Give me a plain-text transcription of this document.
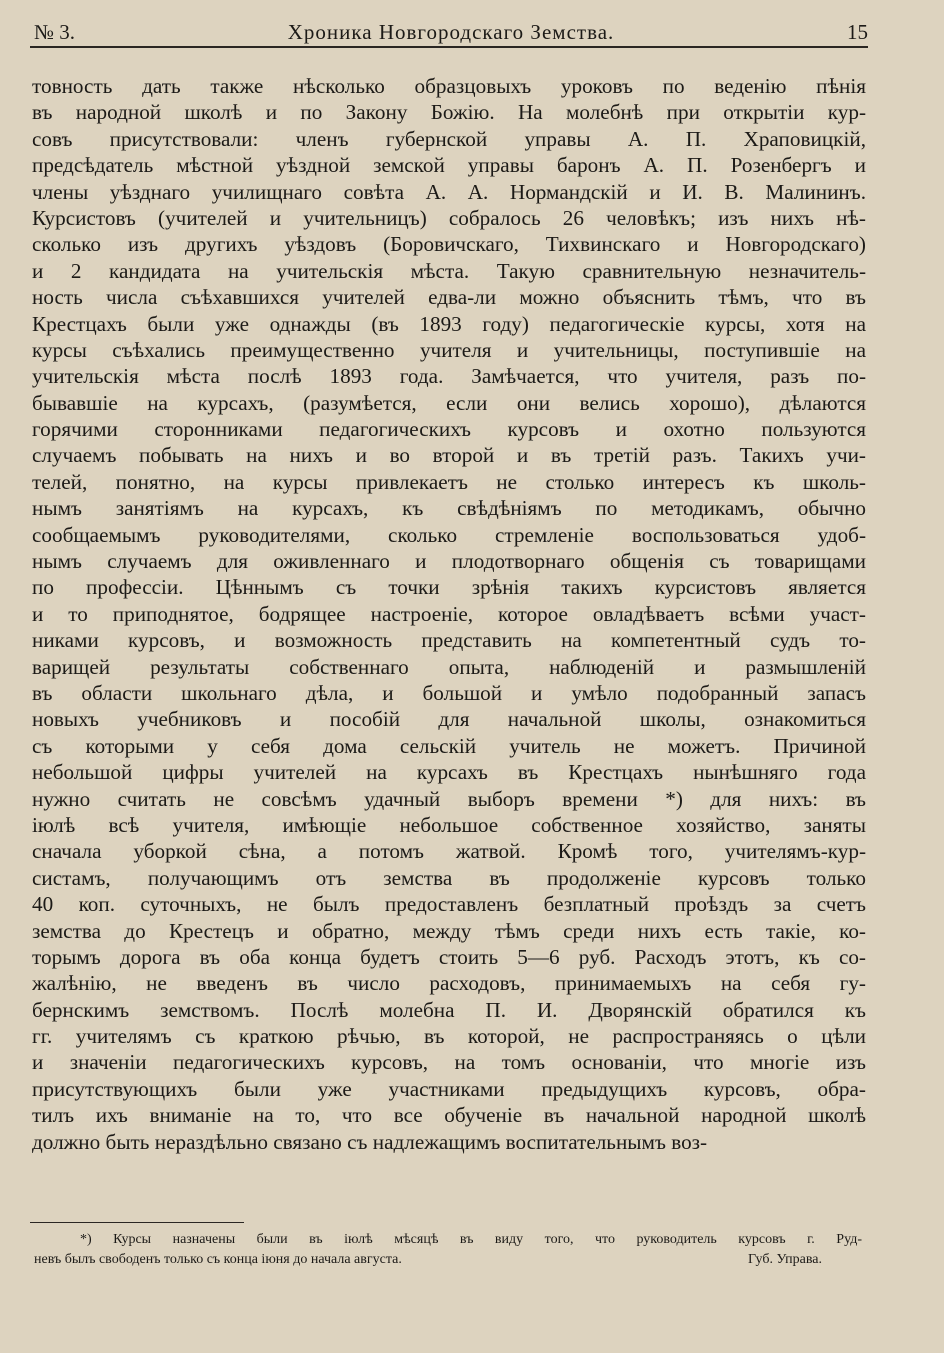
Хроника Новгородскаго Земства.
№ 3.	15
товность дать также нѣсколько образцовыхъ уроковъ по веденію пѣнія
въ народной школѣ и по Закону Божію. На молебнѣ при открытіи кур-
совъ присутствовали: членъ губернской управы А. П. Храповицкій,
предсѣдатель мѣстной уѣздной земской управы баронъ А. П. Розенбергъ и
члены уѣзднаго училищнаго совѣта А. А. Нормандскій и И. В. Малининъ.
Курсистовъ (учителей и учительницъ) собралось 26 человѣкъ; изъ нихъ нѣ-
сколько изъ другихъ уѣздовъ (Боровичскаго, Тихвинскаго и Новгородскаго)
и 2 кандидата на учительскія мѣста. Такую сравнительную незначитель-
ность числа съѣхавшихся учителей едва-ли можно объяснить тѣмъ, что въ
Крестцахъ были уже однажды (въ 1893 году) педагогическіе курсы, хотя на
курсы съѣхались преимущественно учителя и учительницы, поступившіе на
учительскія мѣста послѣ 1893 года. Замѣчается, что учителя, разъ по-
бывавшіе на курсахъ, (разумѣется, если они велись хорошо), дѣлаются
горячими сторонниками педагогическихъ курсовъ и охотно пользуются
случаемъ побывать на нихъ и во второй и въ третій разъ. Такихъ учи-
телей, понятно, на курсы привлекаетъ не столько интересъ къ школь-
нымъ занятіямъ на курсахъ, къ свѣдѣніямъ по методикамъ, обычно
сообщаемымъ руководителями, сколько стремленіе воспользоваться удоб-
нымъ случаемъ для оживленнаго и плодотворнаго общенія съ товарищами
по профессіи. Цѣннымъ съ точки зрѣнія такихъ курсистовъ является
и то приподнятое, бодрящее настроеніе, которое овладѣваетъ всѣми участ-
никами курсовъ, и возможность представить на компетентный судъ то-
варищей результаты собственнаго опыта, наблюденій и размышленій
въ области школьнаго дѣла, и большой и умѣло подобранный запасъ
новыхъ учебниковъ и пособій для начальной школы, ознакомиться
съ которыми у себя дома сельскій учитель не можетъ. Причиной
небольшой цифры учителей на курсахъ въ Крестцахъ нынѣшняго года
нужно считать не совсѣмъ удачный выборъ времени *) для нихъ: въ
іюлѣ всѣ учителя, имѣющіе небольшое собственное хозяйство, заняты
сначала уборкой сѣна, а потомъ жатвой. Кромѣ того, учителямъ-кур-
систамъ, получающимъ отъ земства въ продолженіе курсовъ только
40 коп. суточныхъ, не былъ предоставленъ безплатный проѣздъ за счетъ
земства до Крестецъ и обратно, между тѣмъ среди нихъ есть такіе, ко-
торымъ дорога въ оба конца будетъ стоить 5—6 руб. Расходъ этотъ, къ со-
жалѣнію, не введенъ въ число расходовъ, принимаемыхъ на себя гу-
бернскимъ земствомъ. Послѣ молебна П. И. Дворянскій обратился къ
гг. учителямъ съ краткою рѣчью, въ которой, не распространяясь о цѣли
и значеніи педагогическихъ курсовъ, на томъ основаніи, что многіе изъ
присутствующихъ были уже участниками предыдущихъ курсовъ, обра-
тилъ ихъ вниманіе на то, что все обученіе въ начальной народной школѣ
должно быть нераздѣльно связано съ надлежащимъ воспитательнымъ воз-
*) Курсы назначены были въ іюлѣ мѣсяцѣ въ виду того, что руководитель курсовъ г. Руд-
невъ былъ свободенъ только съ конца іюня до начала августа.	Губ. Управа.
